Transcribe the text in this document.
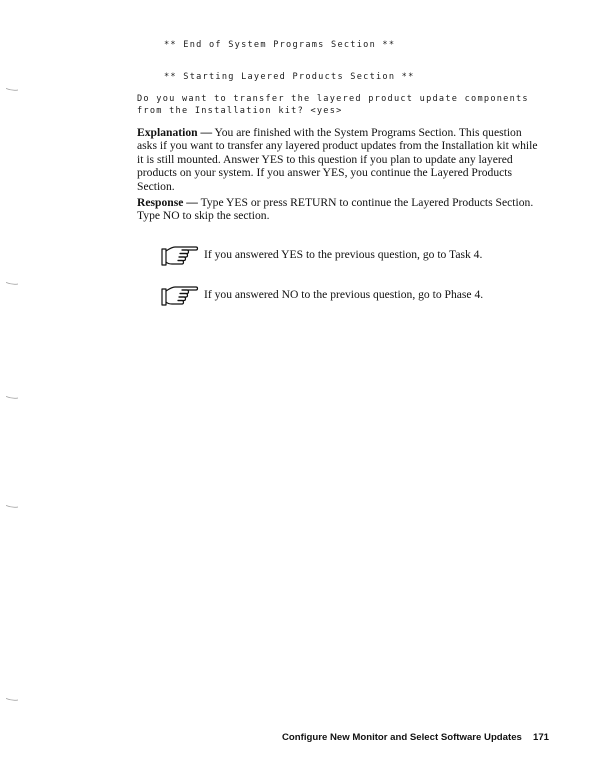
** End of System Programs Section **
** Starting Layered Products Section **
Do you want to transfer the layered product update components
from the Installation kit? <yes>
Explanation — You are finished with the System Programs Section. This question asks if you want to transfer any layered product updates from the Installation kit while it is still mounted. Answer YES to this question if you plan to update any layered products on your system. If you answer YES, you continue the Layered Products Section.
Response — Type YES or press RETURN to continue the Layered Products Section. Type NO to skip the section.
If you answered YES to the previous question, go to Task 4.
If you answered NO to the previous question, go to Phase 4.
Configure New Monitor and Select Software Updates 171
